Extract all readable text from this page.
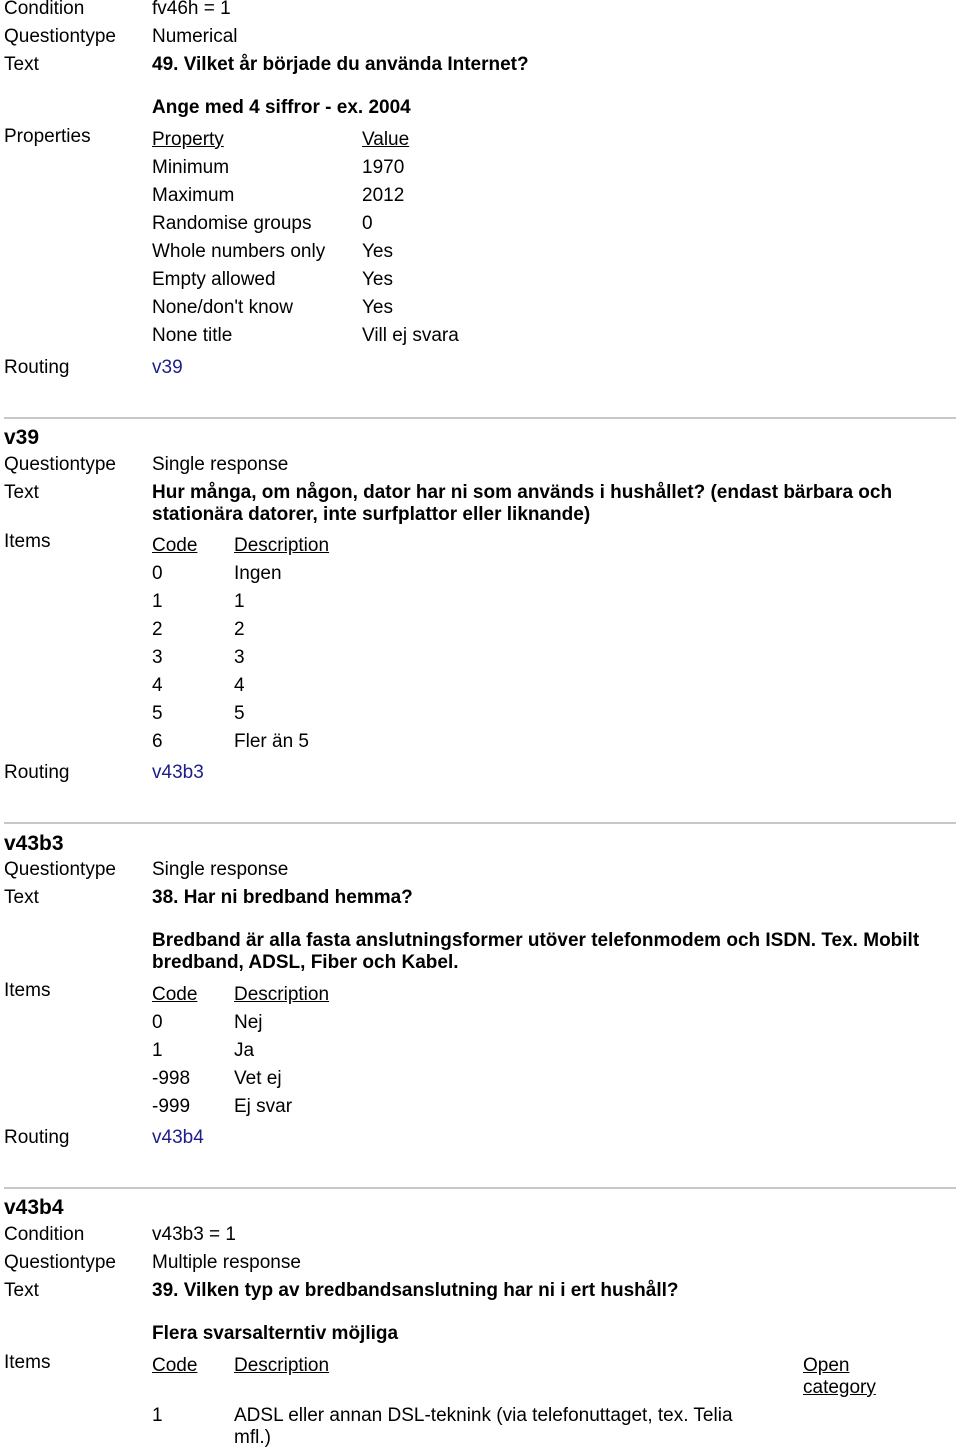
Condition	fv46h = 1
Questiontype Numerical
Text	49. Vilket år började du använda Internet?
Ange med 4 siffror - ex. 2004
Properties	Property	Value
Minimum	1970
Maximum	2012
Randomise groups	0
Whole numbers only Yes
Empty allowed	Yes
None/don't know	Yes
None title	Vill ej svara
Routing	v39
v39
Questiontype Single response
Text	Hur många, om någon, dator har ni som används i hushållet? (endast bärbara och stationära datorer, inte surfplattor eller liknande)
Items	Code Description
0	Ingen
1	1
2	2
3	3
4	4
5	5
6	Fler än 5
Routing	v43b3
v43b3
Questiontype Single response
Text	38. Har ni bredband hemma?
Bredband är alla fasta anslutningsformer utöver telefonmodem och ISDN. Tex. Mobilt bredband, ADSL, Fiber och Kabel.
Items	Code Description
0	Nej
1	Ja
-998 Vet ej
-999 Ej svar
Routing	v43b4
v43b4
Condition	v43b3 = 1
Questiontype Multiple response
Text	39. Vilken typ av bredbandsanslutning har ni i ert hushåll?
Flera svarsalterntiv möjliga
Items	Code Description	Open category
1	ADSL eller annan DSL-teknink (via telefonuttaget, tex. Telia mfl.)
